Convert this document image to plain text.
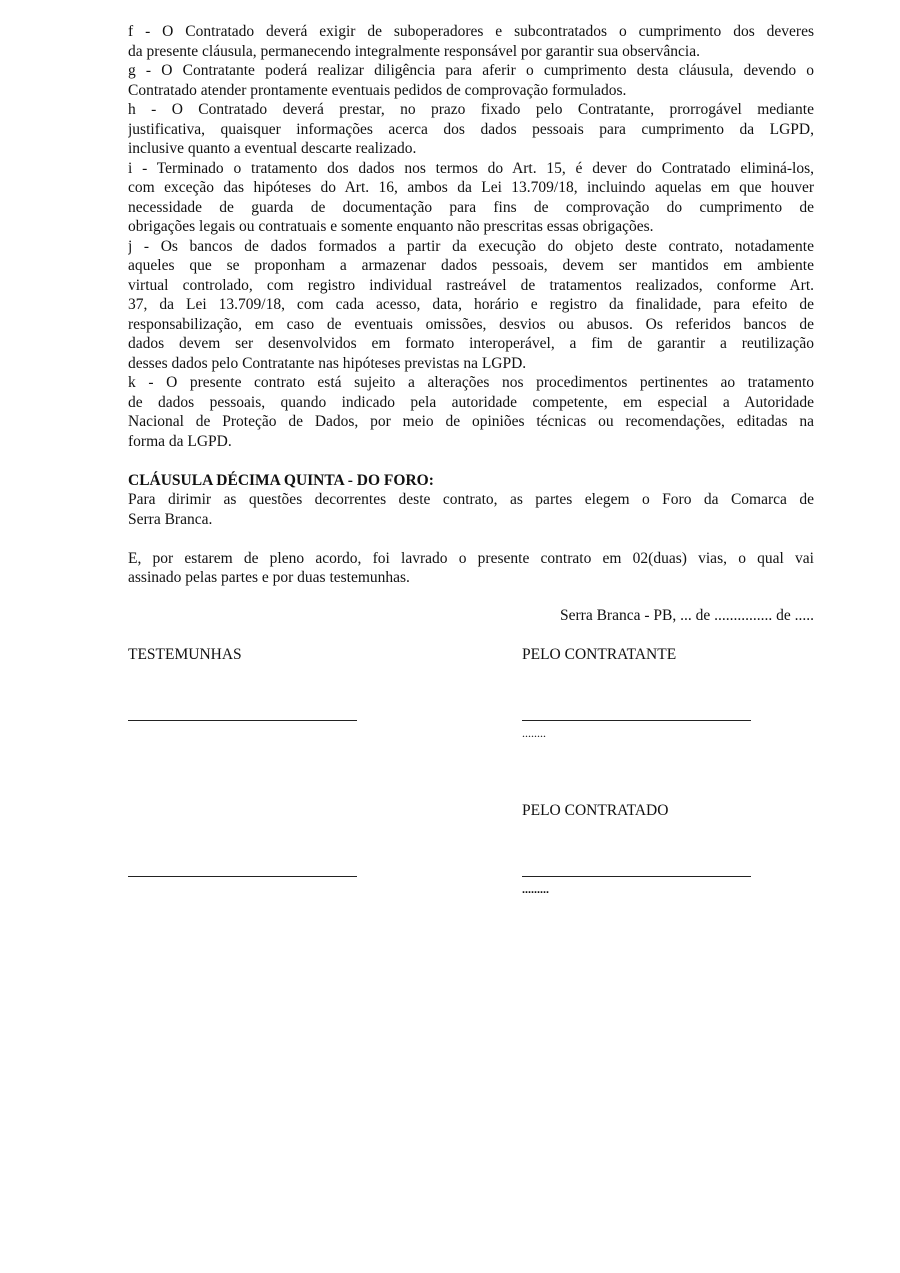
f - O Contratado deverá exigir de suboperadores e subcontratados o cumprimento dos deveres
da presente cláusula, permanecendo integralmente responsável por garantir sua observância.
g - O Contratante poderá realizar diligência para aferir o cumprimento desta cláusula, devendo o
Contratado atender prontamente eventuais pedidos de comprovação formulados.
h - O Contratado deverá prestar, no prazo fixado pelo Contratante, prorrogável mediante
justificativa, quaisquer informações acerca dos dados pessoais para cumprimento da LGPD,
inclusive quanto a eventual descarte realizado.
i - Terminado o tratamento dos dados nos termos do Art. 15, é dever do Contratado eliminá-los,
com exceção das hipóteses do Art. 16, ambos da Lei 13.709/18, incluindo aquelas em que houver
necessidade de guarda de documentação para fins de comprovação do cumprimento de
obrigações legais ou contratuais e somente enquanto não prescritas essas obrigações.
j - Os bancos de dados formados a partir da execução do objeto deste contrato, notadamente
aqueles que se proponham a armazenar dados pessoais, devem ser mantidos em ambiente
virtual controlado, com registro individual rastreável de tratamentos realizados, conforme Art.
37, da Lei 13.709/18, com cada acesso, data, horário e registro da finalidade, para efeito de
responsabilização, em caso de eventuais omissões, desvios ou abusos. Os referidos bancos de
dados devem ser desenvolvidos em formato interoperável, a fim de garantir a reutilização
desses dados pelo Contratante nas hipóteses previstas na LGPD.
k - O presente contrato está sujeito a alterações nos procedimentos pertinentes ao tratamento
de dados pessoais, quando indicado pela autoridade competente, em especial a Autoridade
Nacional de Proteção de Dados, por meio de opiniões técnicas ou recomendações, editadas na
forma da LGPD.
CLÁUSULA DÉCIMA QUINTA - DO FORO:
Para dirimir as questões decorrentes deste contrato, as partes elegem o Foro da Comarca de
Serra Branca.
E, por estarem de pleno acordo, foi lavrado o presente contrato em 02(duas) vias, o qual vai
assinado pelas partes e por duas testemunhas.
Serra Branca - PB, ... de ............... de .....
TESTEMUNHAS	PELO CONTRATANTE
........
PELO CONTRATADO
.........
